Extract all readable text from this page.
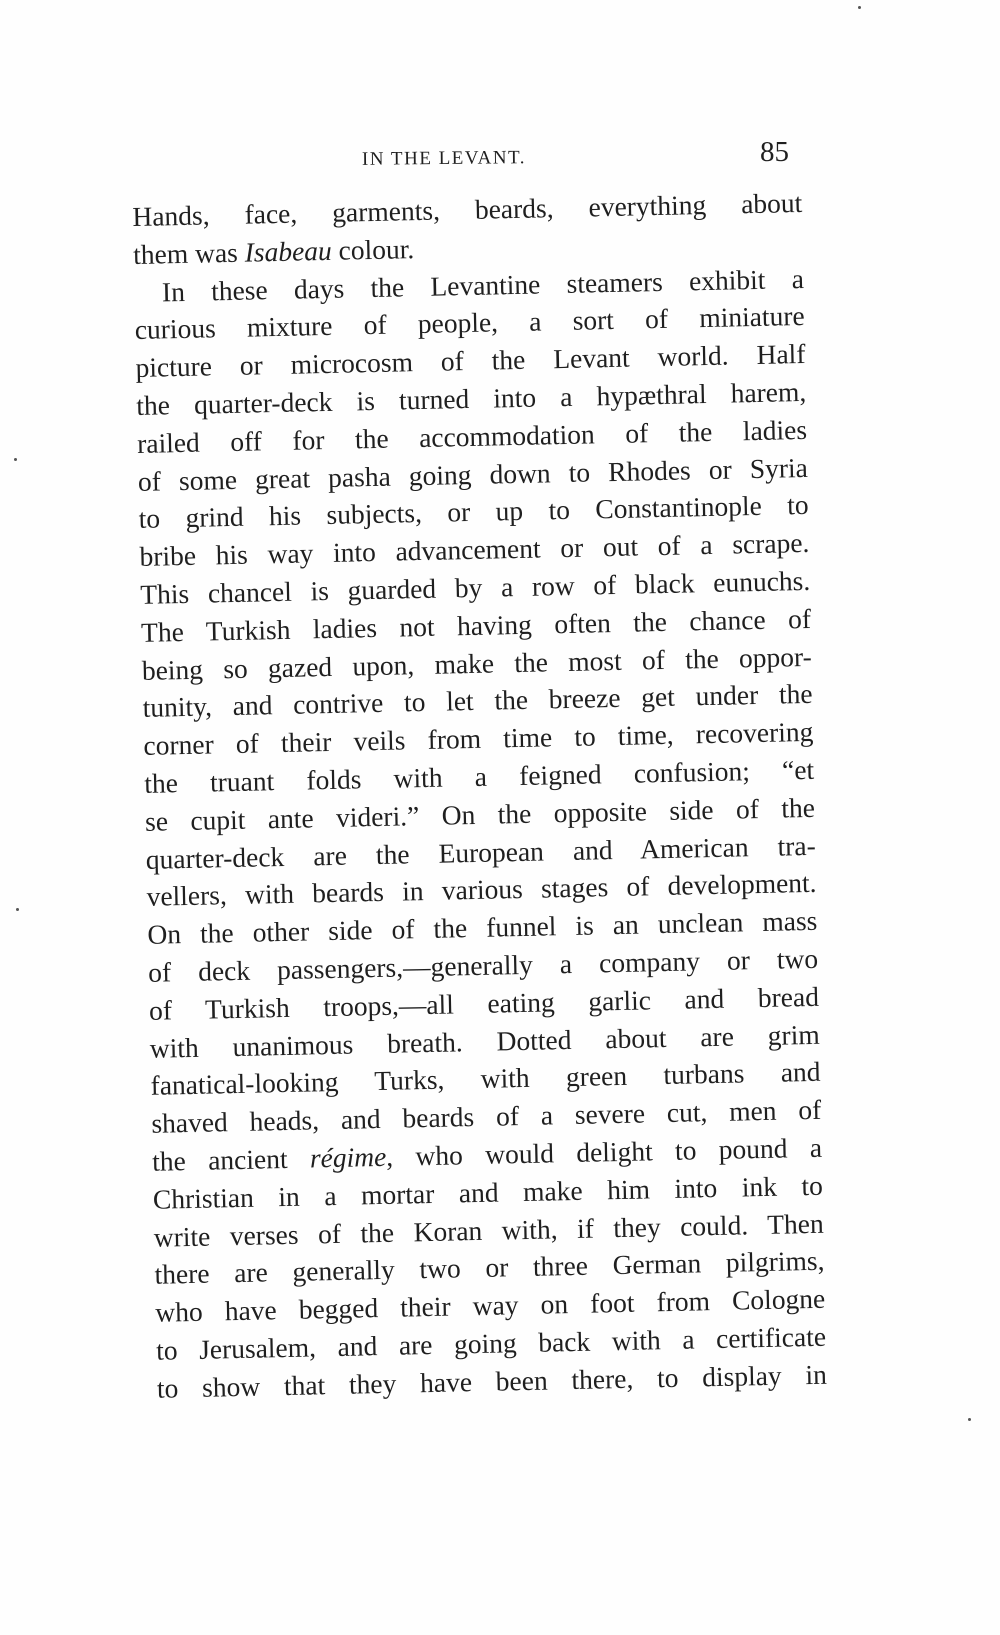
IN THE LEVANT.	85
Hands, face, garments, beards, everything about
them was Isabeau colour.
In these days the Levantine steamers exhibit a
curious mixture of people, a sort of miniature
picture or microcosm of the Levant world. Half
the quarter-deck is turned into a hypæthral harem,
railed off for the accommodation of the ladies
of some great pasha going down to Rhodes or Syria
to grind his subjects, or up to Constantinople to
bribe his way into advancement or out of a scrape.
This chancel is guarded by a row of black eunuchs.
The Turkish ladies not having often the chance of
being so gazed upon, make the most of the oppor-
tunity, and contrive to let the breeze get under the
corner of their veils from time to time, recovering
the truant folds with a feigned confusion; “et
se cupit ante videri.” On the opposite side of the
quarter-deck are the European and American tra-
vellers, with beards in various stages of development.
On the other side of the funnel is an unclean mass
of deck passengers,—generally a company or two
of Turkish troops,—all eating garlic and bread
with unanimous breath. Dotted about are grim
fanatical-looking Turks, with green turbans and
shaved heads, and beards of a severe cut, men of
the ancient régime, who would delight to pound a
Christian in a mortar and make him into ink to
write verses of the Koran with, if they could. Then
there are generally two or three German pilgrims,
who have begged their way on foot from Cologne
to Jerusalem, and are going back with a certificate
to show that they have been there, to display in
